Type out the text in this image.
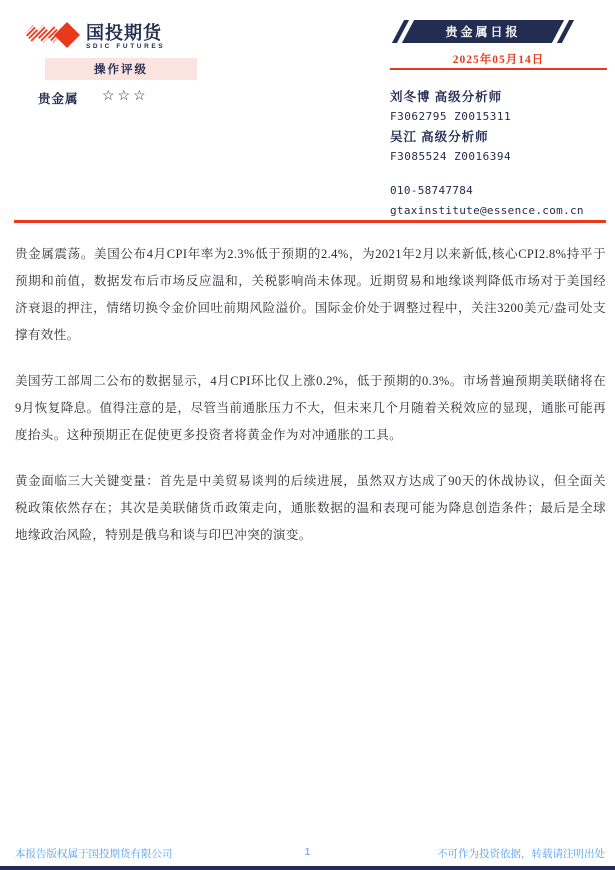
国投期货
SDIC FUTURES
贵金属日报
2025年05月14日
操作评级
贵金属 ☆☆☆	刘冬博 高级分析师
F3062795 Z0015311
吴江 高级分析师
F3085524 Z0016394
010-58747784
gtaxinstitute@essence.com.cn

贵金属震荡。美国公布4月CPI年率为2.3%低于预期的2.4%，为2021年2月以来新低,核心CPI2.8%持平于预期和前值，数据发布后市场反应温和，关税影响尚未体现。近期贸易和地缘谈判降低市场对于美国经济衰退的押注，情绪切换令金价回吐前期风险溢价。国际金价处于调整过程中，关注3200美元/盎司处支撑有效性。

美国劳工部周二公布的数据显示，4月CPI环比仅上涨0.2%，低于预期的0.3%。市场普遍预期美联储将在9月恢复降息。值得注意的是，尽管当前通胀压力不大，但未来几个月随着关税效应的显现，通胀可能再度抬头。这种预期正在促使更多投资者将黄金作为对冲通胀的工具。

黄金面临三大关键变量：首先是中美贸易谈判的后续进展，虽然双方达成了90天的休战协议，但全面关税政策依然存在；其次是美联储货币政策走向，通胀数据的温和表现可能为降息创造条件；最后是全球地缘政治风险，特别是俄乌和谈与印巴冲突的演变。

本报告版权属于国投期货有限公司	1	不可作为投资依据，转载请注明出处
